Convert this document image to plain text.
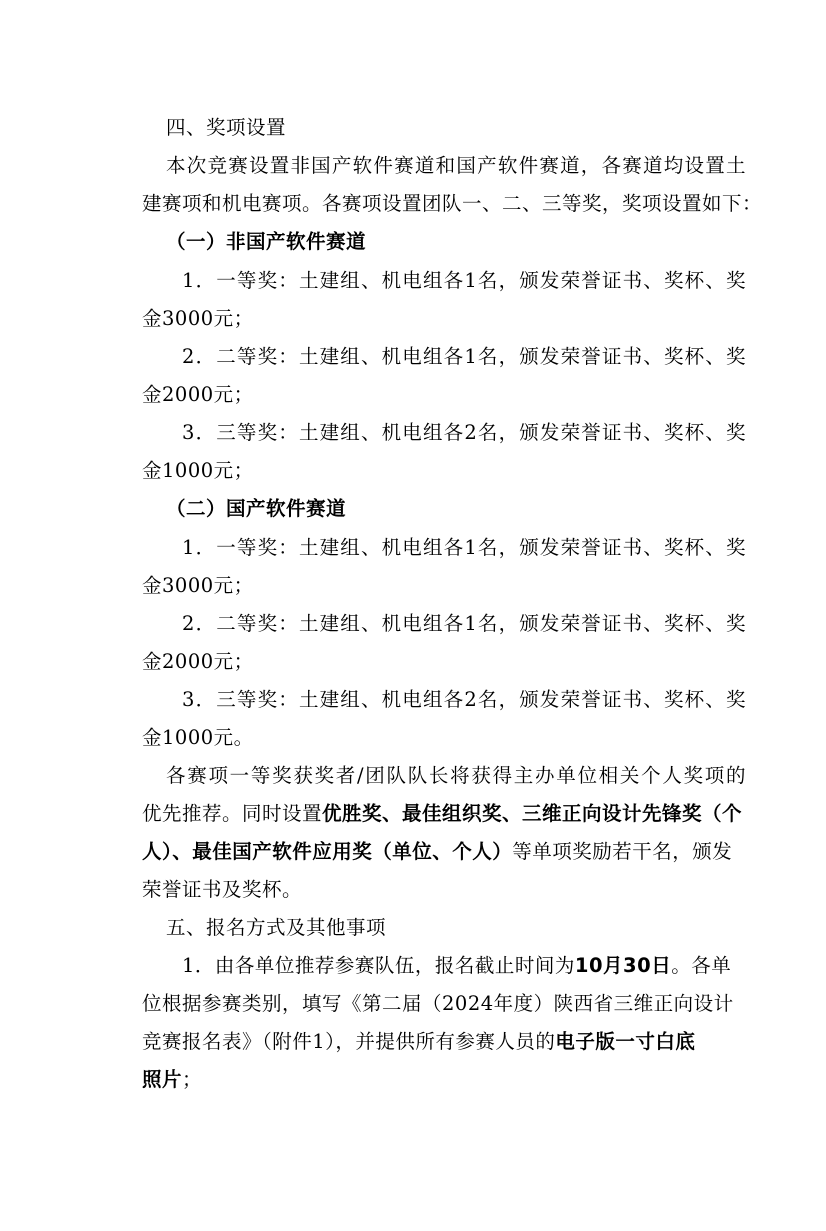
四、奖项设置
本次竞赛设置非国产软件赛道和国产软件赛道，各赛道均设置土
建赛项和机电赛项。各赛项设置团队一、二、三等奖，奖项设置如下：
（一）非国产软件赛道
1．一等奖：土建组、机电组各1名，颁发荣誉证书、奖杯、奖
金3000元；
2．二等奖：土建组、机电组各1名，颁发荣誉证书、奖杯、奖
金2000元；
3．三等奖：土建组、机电组各2名，颁发荣誉证书、奖杯、奖
金1000元；
（二）国产软件赛道
1．一等奖：土建组、机电组各1名，颁发荣誉证书、奖杯、奖
金3000元；
2．二等奖：土建组、机电组各1名，颁发荣誉证书、奖杯、奖
金2000元；
3．三等奖：土建组、机电组各2名，颁发荣誉证书、奖杯、奖
金1000元。
各赛项一等奖获奖者/团队队长将获得主办单位相关个人奖项的
优先推荐。同时设置优胜奖、最佳组织奖、三维正向设计先锋奖（个
人）、最佳国产软件应用奖（单位、个人）等单项奖励若干名，颁发
荣誉证书及奖杯。
五、报名方式及其他事项
1．由各单位推荐参赛队伍，报名截止时间为10月30日。各单
位根据参赛类别，填写《第二届（2024年度）陕西省三维正向设计
竞赛报名表》（附件1），并提供所有参赛人员的电子版一寸白底
照片；
